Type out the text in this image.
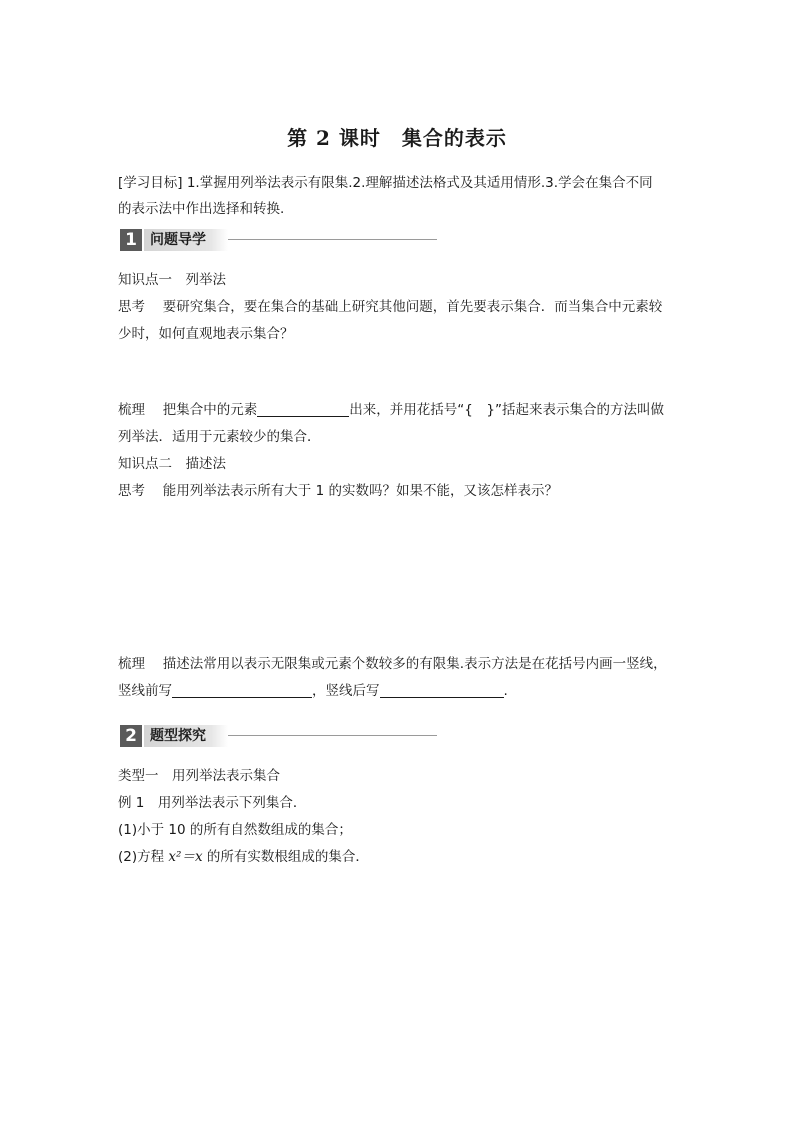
第 2 课时　集合的表示
[学习目标] 1.掌握用列举法表示有限集.2.理解描述法格式及其适用情形.3.学会在集合不同
的表示法中作出选择和转换.
1 问题导学
知识点一　列举法
思考　 要研究集合，要在集合的基础上研究其他问题，首先要表示集合．而当集合中元素较
少时，如何直观地表示集合？
梳理　 把集合中的元素	出来，并用花括号“{　}”括起来表示集合的方法叫做
列举法．适用于元素较少的集合．
知识点二　描述法
思考　 能用列举法表示所有大于 1 的实数吗？如果不能，又该怎样表示？
梳理　 描述法常用以表示无限集或元素个数较多的有限集.表示方法是在花括号内画一竖线，
竖线前写	，竖线后写	.
2 题型探究
类型一　用列举法表示集合
例 1　用列举法表示下列集合．
(1)小于 10 的所有自然数组成的集合；
(2)方程 x²＝x 的所有实数根组成的集合．
